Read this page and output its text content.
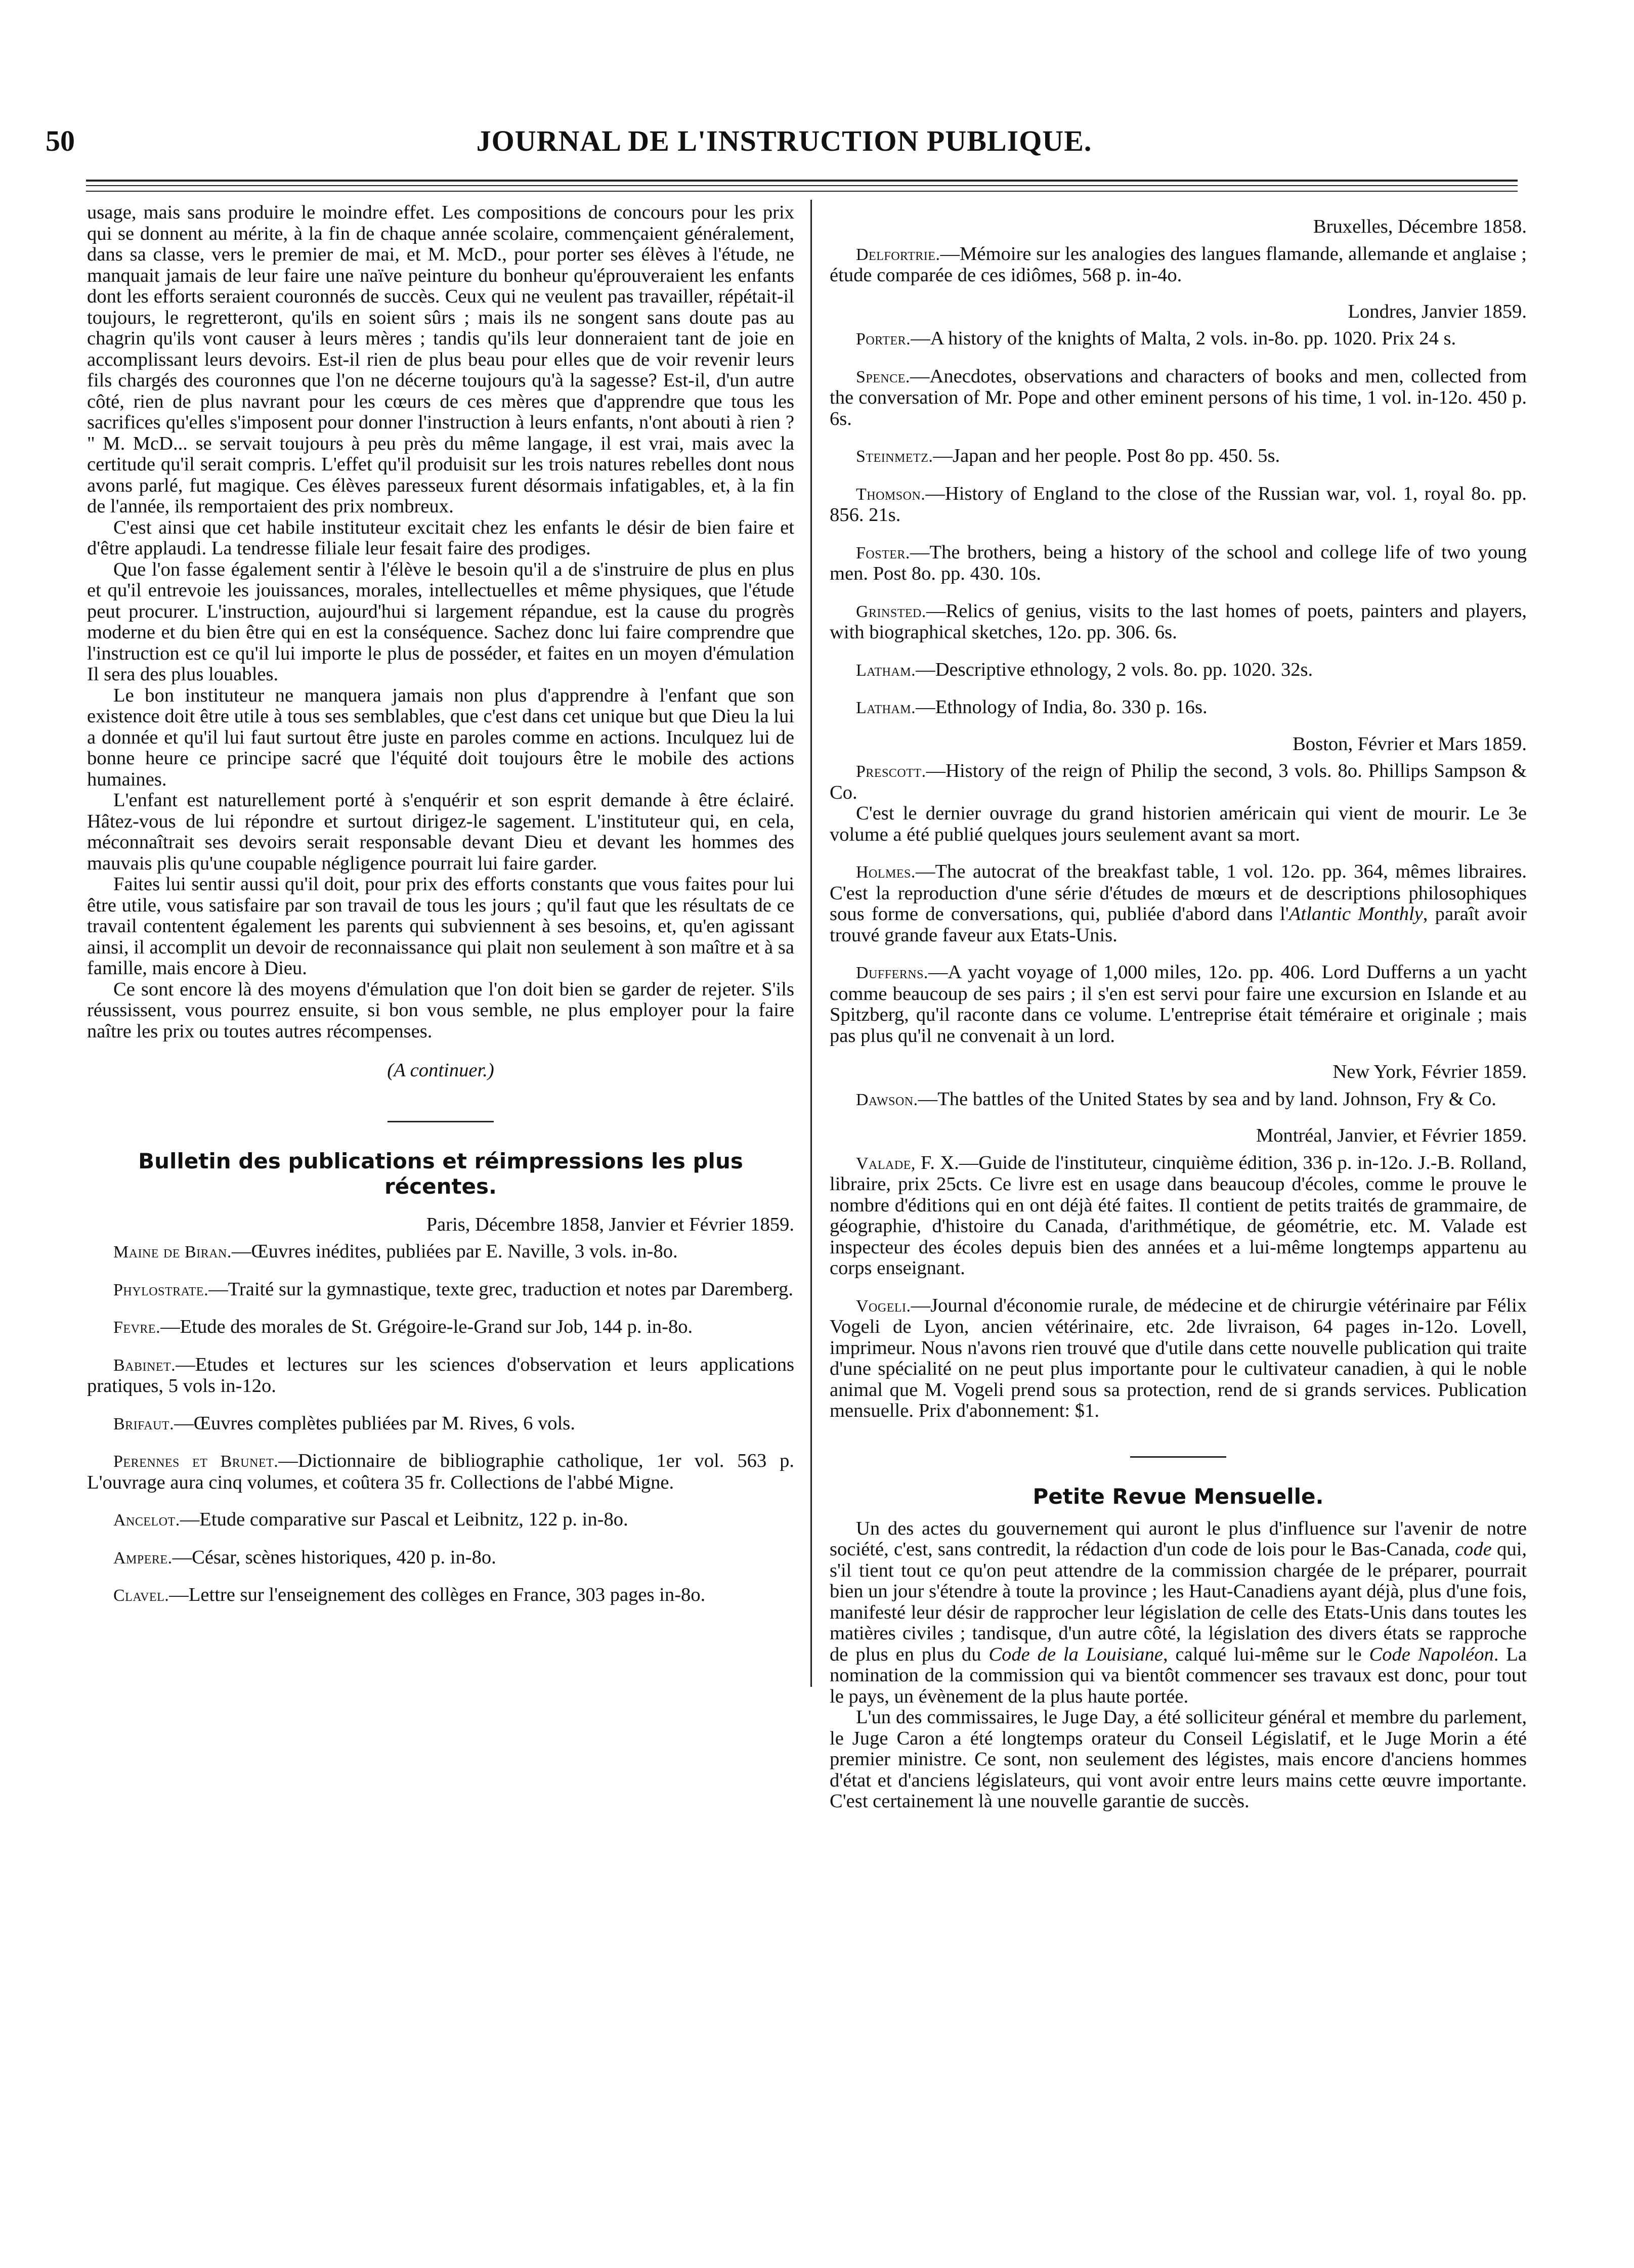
50	JOURNAL DE L'INSTRUCTION PUBLIQUE.

usage, mais sans produire le moindre effet. Les compositions de concours pour les prix qui se donnent au mérite, à la fin de chaque année scolaire, commençaient généralement, dans sa classe, vers le premier de mai, et M. McD., pour porter ses élèves à l'étude, ne manquait jamais de leur faire une naïve peinture du bonheur qu'éprouveraient les enfants dont les efforts seraient couronnés de succès. Ceux qui ne veulent pas travailler, répétait-il toujours, le regretteront, qu'ils en soient sûrs ; mais ils ne songent sans doute pas au chagrin qu'ils vont causer à leurs mères ; tandis qu'ils leur donneraient tant de joie en accomplissant leurs devoirs. Est-il rien de plus beau pour elles que de voir revenir leurs fils chargés des couronnes que l'on ne décerne toujours qu'à la sagesse? Est-il, d'un autre côté, rien de plus navrant pour les cœurs de ces mères que d'apprendre que tous les sacrifices qu'elles s'imposent pour donner l'instruction à leurs enfants, n'ont abouti à rien ? " M. McD... se servait toujours à peu près du même langage, il est vrai, mais avec la certitude qu'il serait compris. L'effet qu'il produisit sur les trois natures rebelles dont nous avons parlé, fut magique. Ces élèves paresseux furent désormais infatigables, et, à la fin de l'année, ils remportaient des prix nombreux.

C'est ainsi que cet habile instituteur excitait chez les enfants le désir de bien faire et d'être applaudi. La tendresse filiale leur fesait faire des prodiges.

Que l'on fasse également sentir à l'élève le besoin qu'il a de s'instruire de plus en plus et qu'il entrevoie les jouissances, morales, intellectuelles et même physiques, que l'étude peut procurer. L'instruction, aujourd'hui si largement répandue, est la cause du progrès moderne et du bien être qui en est la conséquence. Sachez donc lui faire comprendre que l'instruction est ce qu'il lui importe le plus de posséder, et faites en un moyen d'émulation Il sera des plus louables.

Le bon instituteur ne manquera jamais non plus d'apprendre à l'enfant que son existence doit être utile à tous ses semblables, que c'est dans cet unique but que Dieu la lui a donnée et qu'il lui faut surtout être juste en paroles comme en actions. Inculquez lui de bonne heure ce principe sacré que l'équité doit toujours être le mobile des actions humaines.

L'enfant est naturellement porté à s'enquérir et son esprit demande à être éclairé. Hâtez-vous de lui répondre et surtout dirigez-le sagement. L'instituteur qui, en cela, méconnaîtrait ses devoirs serait responsable devant Dieu et devant les hommes des mauvais plis qu'une coupable négligence pourrait lui faire garder.

Faites lui sentir aussi qu'il doit, pour prix des efforts constants que vous faites pour lui être utile, vous satisfaire par son travail de tous les jours ; qu'il faut que les résultats de ce travail contentent également les parents qui subviennent à ses besoins, et, qu'en agissant ainsi, il accomplit un devoir de reconnaissance qui plait non seulement à son maître et à sa famille, mais encore à Dieu.

Ce sont encore là des moyens d'émulation que l'on doit bien se garder de rejeter. S'ils réussissent, vous pourrez ensuite, si bon vous semble, ne plus employer pour la faire naître les prix ou toutes autres récompenses.

(A continuer.)

Bulletin des publications et réimpressions les plus récentes.

Paris, Décembre 1858, Janvier et Février 1859.

Maine de Biran.—Œuvres inédites, publiées par E. Naville, 3 vols. in-8o.

Phylostrate.—Traité sur la gymnastique, texte grec, traduction et notes par Daremberg.

Fevre.—Etude des morales de St. Grégoire-le-Grand sur Job, 144 p. in-8o.

Babinet.—Etudes et lectures sur les sciences d'observation et leurs applications pratiques, 5 vols in-12o.

Brifaut.—Œuvres complètes publiées par M. Rives, 6 vols.

Perennes et Brunet.—Dictionnaire de bibliographie catholique, 1er vol. 563 p. L'ouvrage aura cinq volumes, et coûtera 35 fr. Collections de l'abbé Migne.

Ancelot.—Etude comparative sur Pascal et Leibnitz, 122 p. in-8o.

Ampere.—César, scènes historiques, 420 p. in-8o.

Clavel.—Lettre sur l'enseignement des collèges en France, 303 pages in-8o.

Bruxelles, Décembre 1858.

Delfortrie.—Mémoire sur les analogies des langues flamande, allemande et anglaise ; étude comparée de ces idiômes, 568 p. in-4o.

Londres, Janvier 1859.

Porter.—A history of the knights of Malta, 2 vols. in-8o. pp. 1020. Prix 24 s.

Spence.—Anecdotes, observations and characters of books and men, collected from the conversation of Mr. Pope and other eminent persons of his time, 1 vol. in-12o. 450 p. 6s.

Steinmetz.—Japan and her people. Post 8o pp. 450. 5s.

Thomson.—History of England to the close of the Russian war, vol. 1, royal 8o. pp. 856. 21s.

Foster.—The brothers, being a history of the school and college life of two young men. Post 8o. pp. 430. 10s.

Grinsted.—Relics of genius, visits to the last homes of poets, painters and players, with biographical sketches, 12o. pp. 306. 6s.

Latham.—Descriptive ethnology, 2 vols. 8o. pp. 1020. 32s.

Latham.—Ethnology of India, 8o. 330 p. 16s.

Boston, Février et Mars 1859.

Prescott.—History of the reign of Philip the second, 3 vols. 8o. Phillips Sampson & Co.

C'est le dernier ouvrage du grand historien américain qui vient de mourir. Le 3e volume a été publié quelques jours seulement avant sa mort.

Holmes.—The autocrat of the breakfast table, 1 vol. 12o. pp. 364, mêmes libraires. C'est la reproduction d'une série d'études de mœurs et de descriptions philosophiques sous forme de conversations, qui, publiée d'abord dans l'Atlantic Monthly, paraît avoir trouvé grande faveur aux Etats-Unis.

Dufferns.—A yacht voyage of 1,000 miles, 12o. pp. 406. Lord Dufferns a un yacht comme beaucoup de ses pairs ; il s'en est servi pour faire une excursion en Islande et au Spitzberg, qu'il raconte dans ce volume. L'entreprise était téméraire et originale ; mais pas plus qu'il ne convenait à un lord.

New York, Février 1859.

Dawson.—The battles of the United States by sea and by land. Johnson, Fry & Co.

Montréal, Janvier, et Février 1859.

Valade, F. X.—Guide de l'instituteur, cinquième édition, 336 p. in-12o. J.-B. Rolland, libraire, prix 25cts. Ce livre est en usage dans beaucoup d'écoles, comme le prouve le nombre d'éditions qui en ont déjà été faites. Il contient de petits traités de grammaire, de géographie, d'histoire du Canada, d'arithmétique, de géométrie, etc. M. Valade est inspecteur des écoles depuis bien des années et a lui-même longtemps appartenu au corps enseignant.

Vogeli.—Journal d'économie rurale, de médecine et de chirurgie vétérinaire par Félix Vogeli de Lyon, ancien vétérinaire, etc. 2de livraison, 64 pages in-12o. Lovell, imprimeur. Nous n'avons rien trouvé que d'utile dans cette nouvelle publication qui traite d'une spécialité on ne peut plus importante pour le cultivateur canadien, à qui le noble animal que M. Vogeli prend sous sa protection, rend de si grands services. Publication mensuelle. Prix d'abonnement: $1.

Petite Revue Mensuelle.

Un des actes du gouvernement qui auront le plus d'influence sur l'avenir de notre société, c'est, sans contredit, la rédaction d'un code de lois pour le Bas-Canada, code qui, s'il tient tout ce qu'on peut attendre de la commission chargée de le préparer, pourrait bien un jour s'étendre à toute la province ; les Haut-Canadiens ayant déjà, plus d'une fois, manifesté leur désir de rapprocher leur législation de celle des Etats-Unis dans toutes les matières civiles ; tandisque, d'un autre côté, la législation des divers états se rapproche de plus en plus du Code de la Louisiane, calqué lui-même sur le Code Napoléon. La nomination de la commission qui va bientôt commencer ses travaux est donc, pour tout le pays, un évènement de la plus haute portée.

L'un des commissaires, le Juge Day, a été solliciteur général et membre du parlement, le Juge Caron a été longtemps orateur du Conseil Législatif, et le Juge Morin a été premier ministre. Ce sont, non seulement des légistes, mais encore d'anciens hommes d'état et d'anciens législateurs, qui vont avoir entre leurs mains cette œuvre importante. C'est certainement là une nouvelle garantie de succès.
